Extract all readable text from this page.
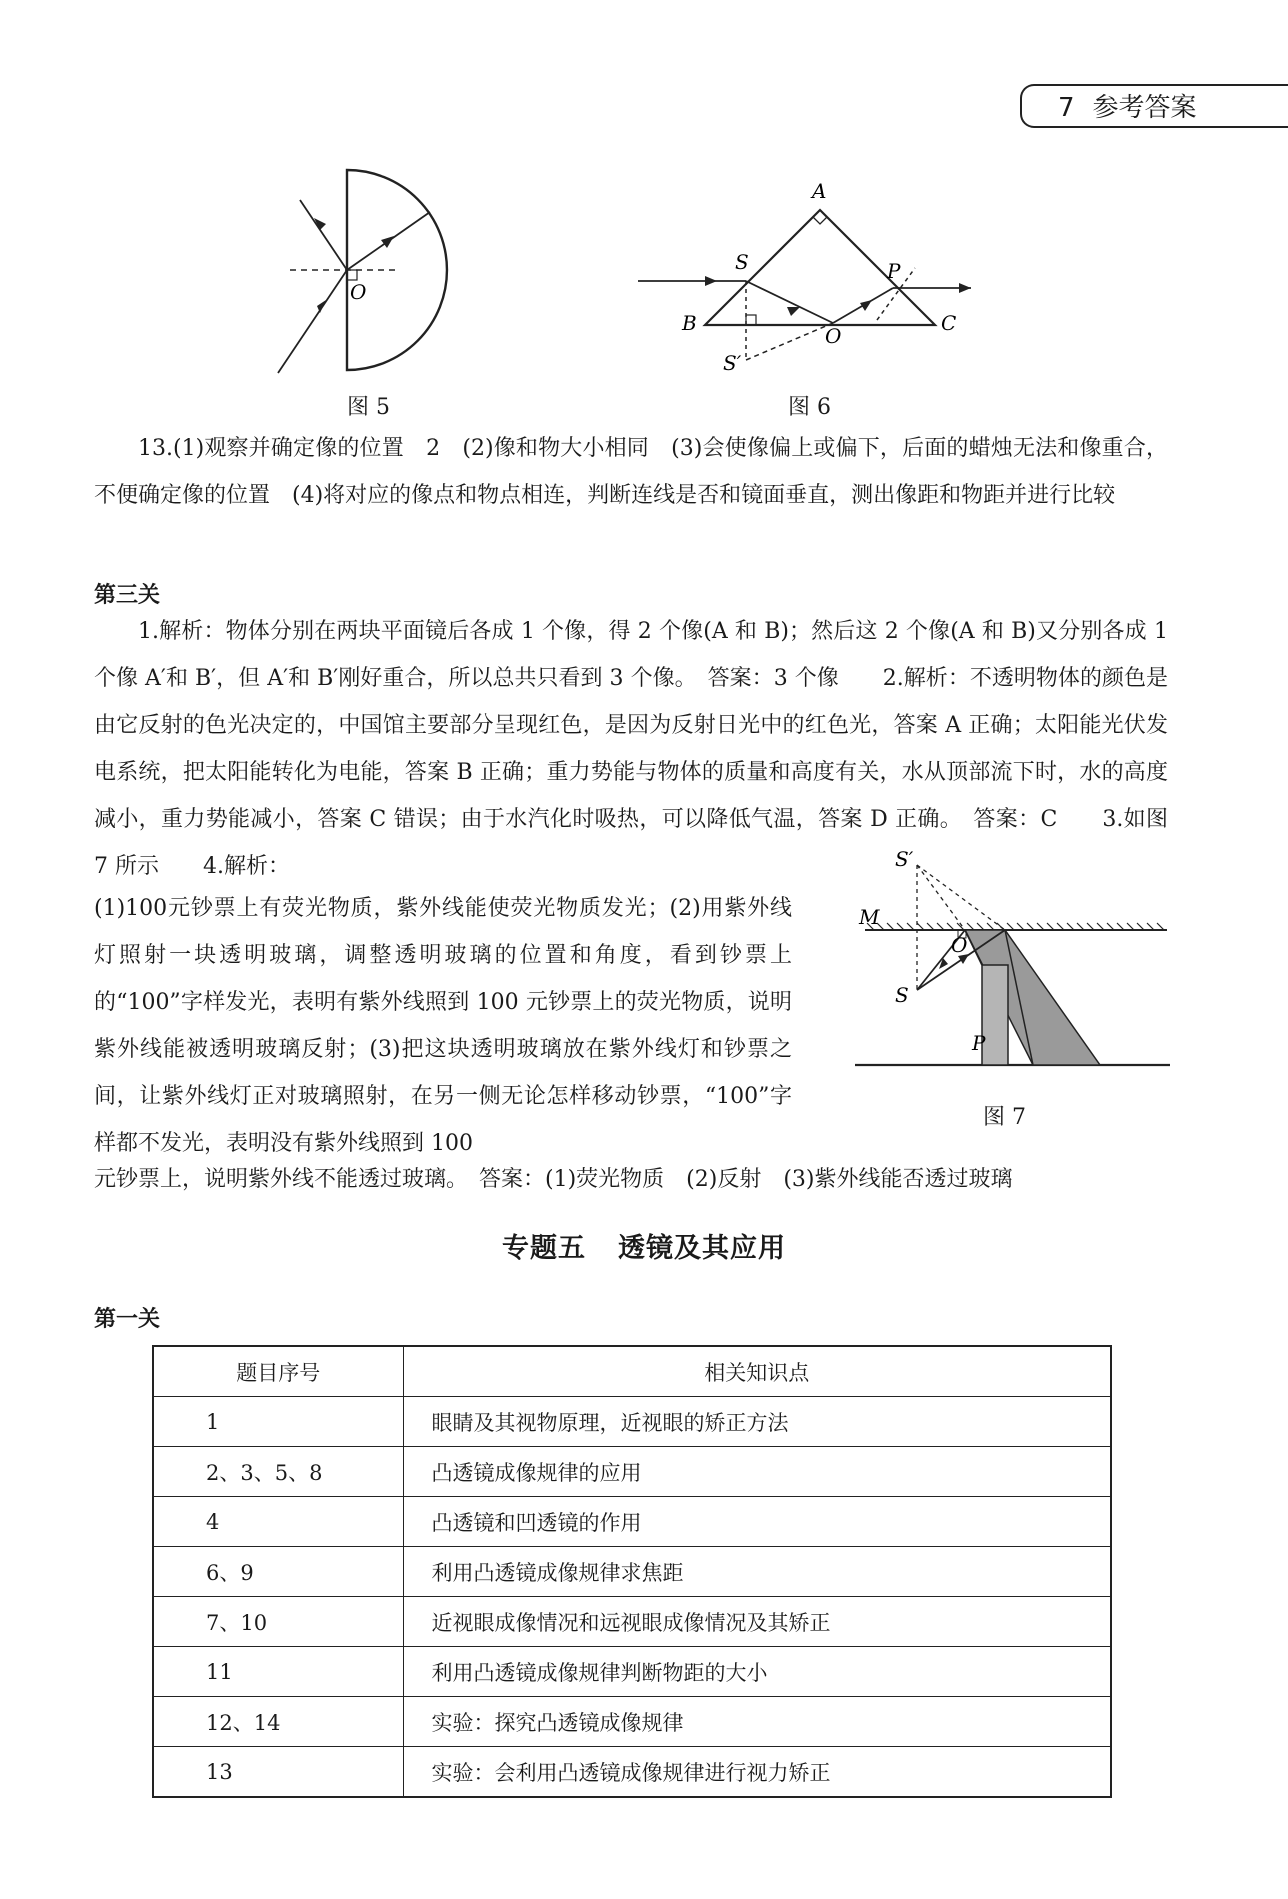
7 参考答案
O
图 5
A
S	P
B
O
C
S′
图 6

13.(1)观察并确定像的位置　2　(2)像和物大小相同　(3)会使像偏上或偏下，后面的蜡烛无法和像重合，不便确定像的位置　(4)将对应的像点和物点相连，判断连线是否和镜面垂直，测出像距和物距并进行比较

第三关

1.解析：物体分别在两块平面镜后各成 1 个像，得 2 个像(A 和 B)；然后这 2 个像(A 和 B)又分别各成 1 个像 A′和 B′，但 A′和 B′刚好重合，所以总共只看到 3 个像。　答案：3 个像　　2.解析：不透明物体的颜色是由它反射的色光决定的，中国馆主要部分呈现红色，是因为反射日光中的红色光，答案 A 正确；太阳能光伏发电系统，把太阳能转化为电能，答案 B 正确；重力势能与物体的质量和高度有关，水从顶部流下时，水的高度减小，重力势能减小，答案 C 错误；由于水汽化时吸热，可以降低气温，答案 D 正确。　答案：C　　3.如图 7 所示　　4.解析：

(1)100元钞票上有荧光物质，紫外线能使荧光物质发光；(2)用紫外线灯照射一块透明玻璃，调整透明玻璃的位置和角度，看到钞票上的“100”字样发光，表明有紫外线照到 100 元钞票上的荧光物质，说明紫外线能被透明玻璃反射；(3)把这块透明玻璃放在紫外线灯和钞票之间，让紫外线灯正对玻璃照射，在另一侧无论怎样移动钞票，“100”字样都不发光，表明没有紫外线照到 100

S′
M
O
S
P
图 7

元钞票上，说明紫外线不能透过玻璃。　答案：(1)荧光物质　(2)反射　(3)紫外线能否透过玻璃

专题五 透镜及其应用
第一关
题目序号	相关知识点
1	眼睛及其视物原理，近视眼的矫正方法
2、3、5、8	凸透镜成像规律的应用
4	凸透镜和凹透镜的作用
6、9	利用凸透镜成像规律求焦距
7、10	近视眼成像情况和远视眼成像情况及其矫正
11	利用凸透镜成像规律判断物距的大小
12、14	实验：探究凸透镜成像规律
13	实验：会利用凸透镜成像规律进行视力矫正
